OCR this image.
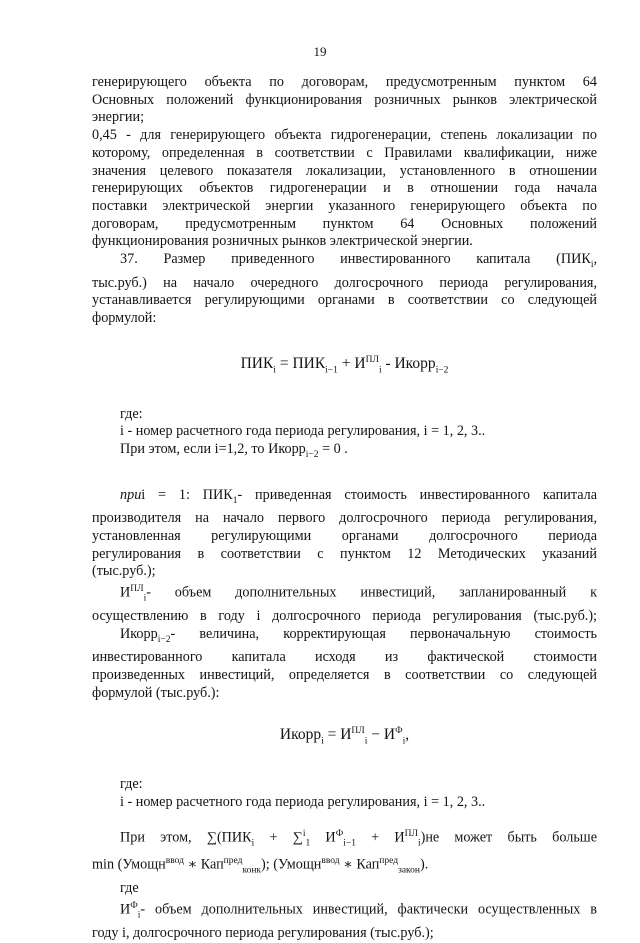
19
генерирующего объекта по договорам, предусмотренным пунктом 64
Основных положений функционирования розничных рынков электрической
энергии;
0,45 - для генерирующего объекта гидрогенерации, степень локализации по
которому, определенная в соответствии с Правилами квалификации, ниже
значения целевого показателя локализации, установленного в отношении
генерирующих объектов гидрогенерации и в отношении года начала
поставки электрической энергии указанного генерирующего объекта по
договорам, предусмотренным пунктом 64 Основных положений
функционирования розничных рынков электрической энергии.
37. Размер приведенного инвестированного капитала ($ПИК_i$,
тыс.руб.) на начало очередного долгосрочного периода регулирования,
устанавливается регулирующими органами в соответствии со следующей
формулой:
$ПИК_i = ПИК_{i-1} + И^{ПЛ}_i$ - Икорр$_{i-2}$
где:
i - номер расчетного года периода регулирования, i = 1, 2, 3..
При этом, если i=1,2, то Икорр$_{i-2}$ = 0 .
приi = 1: $ПИК_1-$ приведенная стоимость инвестированного капитала
производителя на начало первого долгосрочного периода регулирования,
установленная регулирующими органами долгосрочного периода
регулирования в соответствии с пунктом 12 Методических указаний
(тыс.руб.);
$И^{ПЛ}_i-$ объем дополнительных инвестиций, запланированный к
осуществлению в году i долгосрочного периода регулирования (тыс.руб.);
Икорр$_{i-2}$- величина, корректирующая первоначальную стоимость
инвестированного капитала исходя из фактической стоимости
произведенных инвестиций, определяется в соответствии со следующей
формулой (тыс.руб.):
Икорр$_i$ = $И^{ПЛ}_i - И^Ф_i$,
где:
i - номер расчетного года периода регулирования, i = 1, 2, 3..
При этом, $\sum(ПИК_i + \sum^i_1$ $И^Ф_{i-1} + И^{ПЛ}_i)не$ может быть больше
min (Умощн$^{ввод}$ ∗ Кап$^{пред}_{конк}$); (Умощн$^{ввод}$ ∗ Кап$^{пред}_{закон}$).
где
$И^Ф_i-$ объем дополнительных инвестиций, фактически осуществленных в
году i, долгосрочного периода регулирования (тыс.руб.);
